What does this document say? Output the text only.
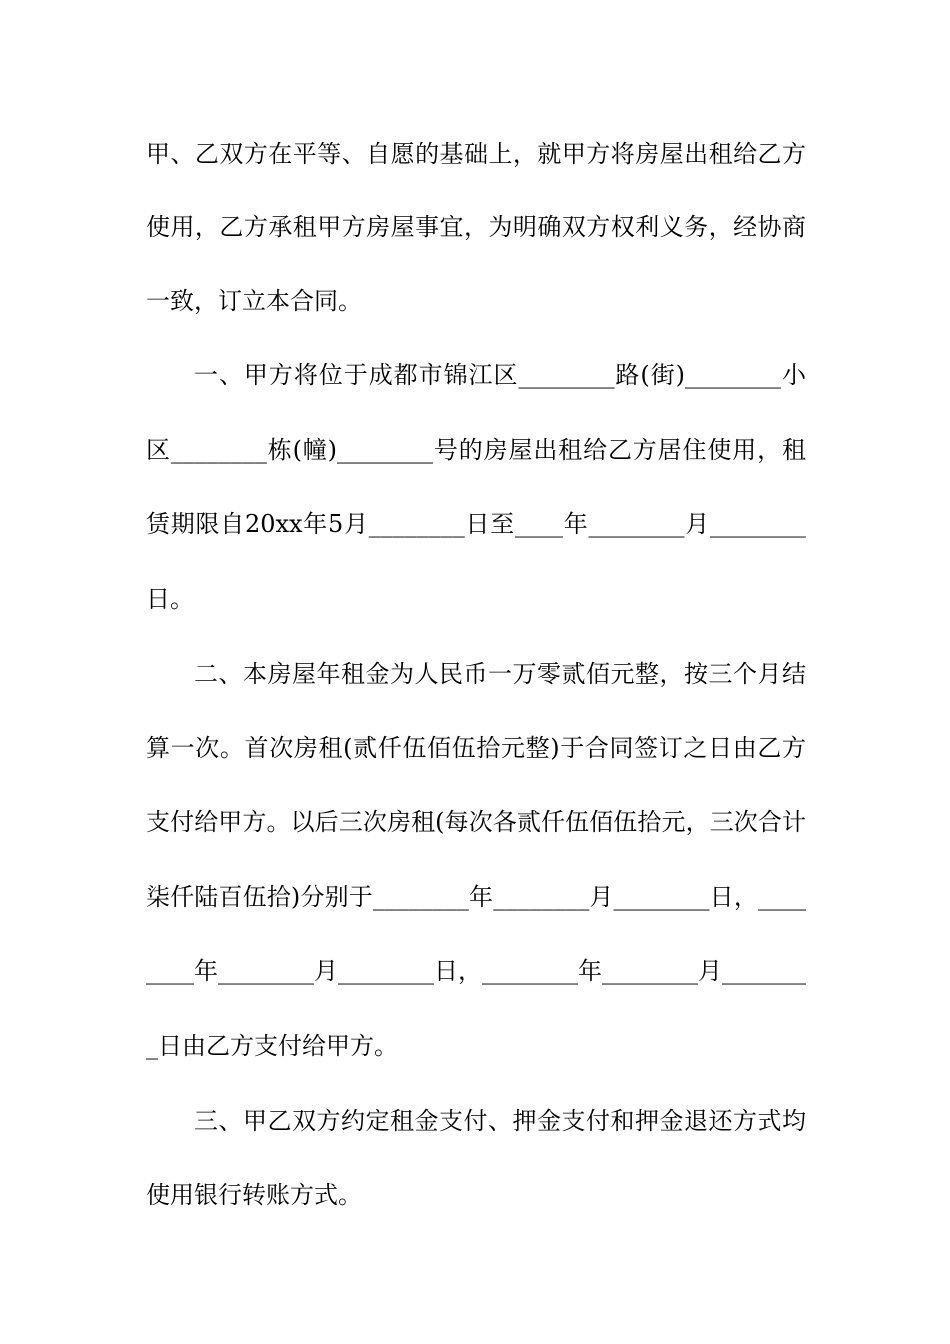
甲、乙双方在平等、自愿的基础上，就甲方将房屋出租给乙方
使用，乙方承租甲方房屋事宜，为明确双方权利义务，经协商
一致，订立本合同。
一、甲方将位于成都市锦江区________路(街)________小
区________栋(幢)________号的房屋出租给乙方居住使用，租
赁期限自20xx年5月________日至____年________月________
日。
二、本房屋年租金为人民币一万零贰佰元整，按三个月结
算一次。首次房租(贰仟伍佰伍拾元整)于合同签订之日由乙方
支付给甲方。以后三次房租(每次各贰仟伍佰伍拾元，三次合计
柒仟陆百伍拾)分别于________年________月________日，____
____年________月________日，________年________月_______
_日由乙方支付给甲方。
三、甲乙双方约定租金支付、押金支付和押金退还方式均
使用银行转账方式。
